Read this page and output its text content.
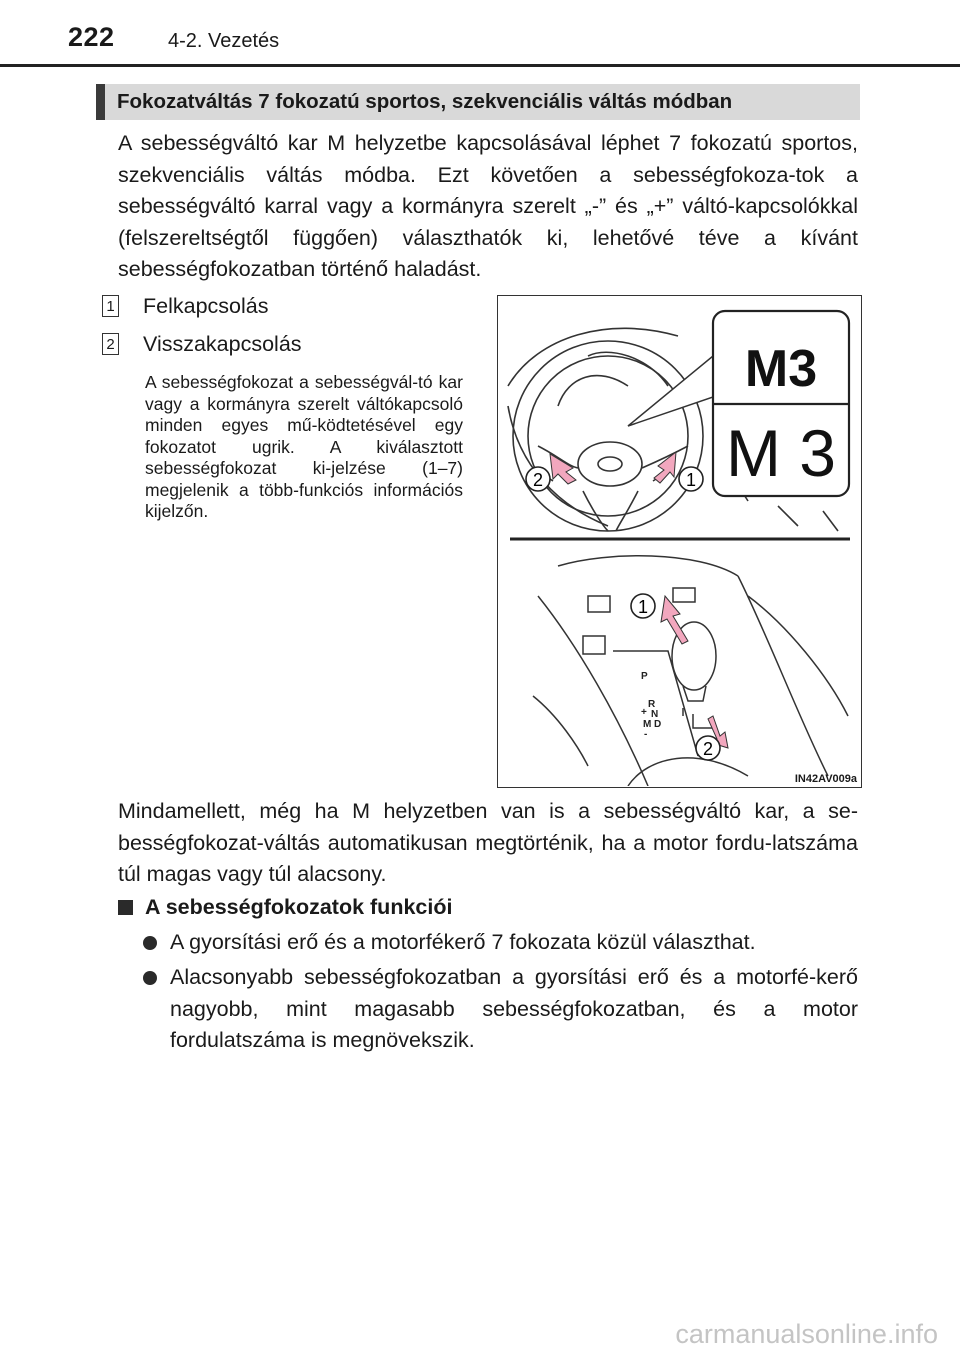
222	4-2. Vezetés
Fokozatváltás 7 fokozatú sportos, szekvenciális váltás módban

A sebességváltó kar M helyzetbe kapcsolásával léphet 7 fokozatú sportos, szekvenciális váltás módba. Ezt követően a sebességfokoza-tok a sebességváltó karral vagy a kormányra szerelt „-” és „+” váltó-kapcsolókkal (felszereltségtől függően) választhatók ki, lehetővé téve a kívánt sebességfokozatban történő haladást.

1 Felkapcsolás
2 Visszakapcsolás

A sebességfokozat a sebességvál-tó kar vagy a kormányra szerelt váltókapcsoló minden egyes mű-ködtetésével egy fokozatot ugrik. A kiválasztott sebességfokozat ki-jelzése (1–7) megjelenik a több-funkciós információs kijelzőn.

M3
M 3
2	1
P
R
N
D
M
+
-
1
2
IN42AV009a

Mindamellett, még ha M helyzetben van is a sebességváltó kar, a se-bességfokozat-váltás automatikusan megtörténik, ha a motor fordu-latszáma túl magas vagy túl alacsony.

A sebességfokozatok funkciói
A gyorsítási erő és a motorfékerő 7 fokozata közül választhat.
Alacsonyabb sebességfokozatban a gyorsítási erő és a motorfé-kerő nagyobb, mint magasabb sebességfokozatban, és a motor fordulatszáma is megnövekszik.
carmanualsonline.info
